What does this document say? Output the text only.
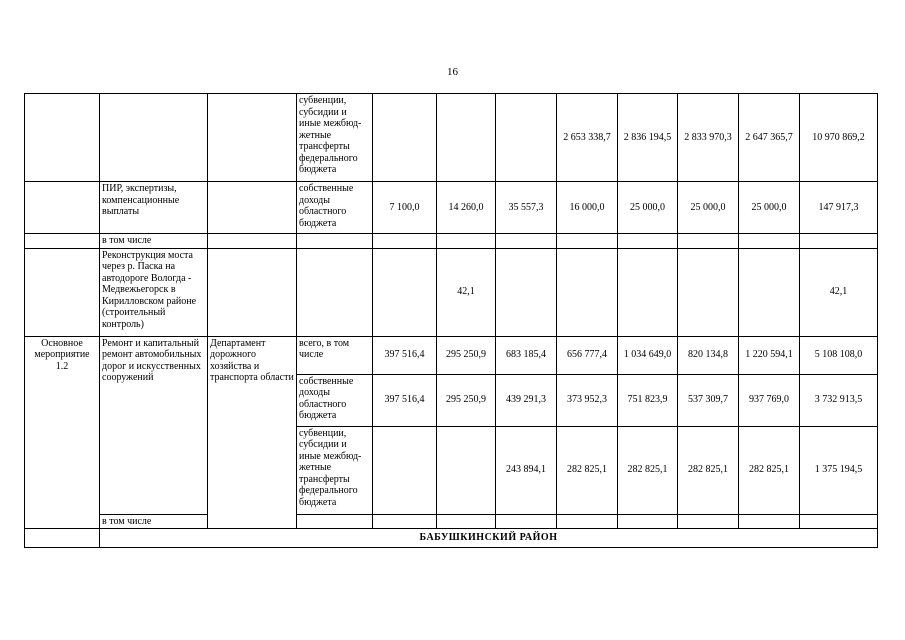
16
			субвенции, субсидии и иные межбюд-жетные трансферты федерального бюджета				2 653 338,7	2 836 194,5	2 833 970,3	2 647 365,7	10 970 869,2
	ПИР, экспертизы, компенсационные выплаты		собственные доходы областного бюджета	7 100,0	14 260,0	35 557,3	16 000,0	25 000,0	25 000,0	25 000,0	147 917,3
	в том числе										
	Реконструкция моста через р. Паска на автодороге Вологда - Медвежьегорск в Кирилловском районе (строительный контроль)				42,1						42,1
Основное мероприятие 1.2	Ремонт и капитальный ремонт автомобильных дорог и искусственных сооружений	Департамент дорожного хозяйства и транспорта области	всего, в том числе	397 516,4	295 250,9	683 185,4	656 777,4	1 034 649,0	820 134,8	1 220 594,1	5 108 108,0
			собственные доходы областного бюджета	397 516,4	295 250,9	439 291,3	373 952,3	751 823,9	537 309,7	937 769,0	3 732 913,5
			субвенции, субсидии и иные межбюд-жетные трансферты федерального бюджета			243 894,1	282 825,1	282 825,1	282 825,1	282 825,1	1 375 194,5
	в том числе										
	БАБУШКИНСКИЙ РАЙОН										
